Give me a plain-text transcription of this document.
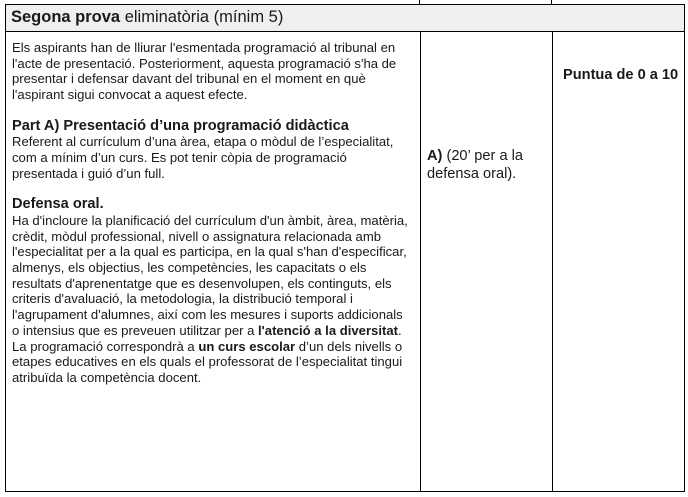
Segona prova eliminatòria (mínim 5)

Els aspirants han de lliurar l'esmentada programació al tribunal en l'acte de presentació. Posteriorment, aquesta programació s'ha de presentar i defensar davant del tribunal en el moment en què l'aspirant sigui convocat a aquest efecte.

Part A) Presentació d’una programació didàctica

Referent al currículum d’una àrea, etapa o mòdul de l’especialitat, com a mínim d’un curs. Es pot tenir còpia de programació presentada i guió d’un full.

Defensa oral.

Ha d'incloure la planificació del currículum d'un àmbit, àrea, matèria, crèdit, mòdul professional, nivell o assignatura relacionada amb l'especialitat per a la qual es participa, en la qual s'han d'especificar, almenys, els objectius, les competències, les capacitats o els resultats d'aprenentatge que es desenvolupen, els continguts, els criteris d'avaluació, la metodologia, la distribució temporal i l'agrupament d'alumnes, així com les mesures i suports addicionals o intensius que es preveuen utilitzar per a l'atenció a la diversitat.

La programació correspondrà a un curs escolar d’un dels nivells o etapes educatives en els quals el professorat de l’especialitat tingui atribuïda la competència docent.

A) (20’ per a la defensa oral).
Puntua de 0 a 10
